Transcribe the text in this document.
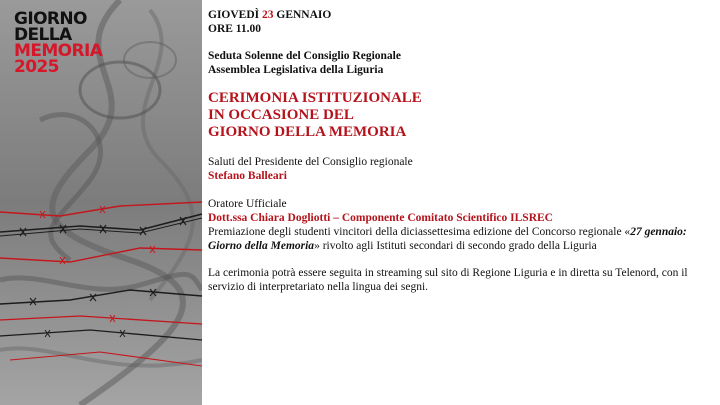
GIORNO
DELLA
MEMORIA
2025

GIOVEDÌ 23 GENNAIO

ORE 11.00

Seduta Solenne del Consiglio Regionale
Assemblea Legislativa della Liguria
CERIMONIA ISTITUZIONALE
IN OCCASIONE DEL
GIORNO DELLA MEMORIA
Saluti del Presidente del Consiglio regionale
Stefano Balleari
Oratore Ufficiale
Dott.ssa Chiara Dogliotti – Componente Comitato Scientifico ILSREC

Premiazione degli studenti vincitori della diciassettesima edizione del Concorso regionale «27 gennaio:
Giorno della Memoria» rivolto agli Istituti secondari di secondo grado della Liguria

La cerimonia potrà essere seguita in streaming sul sito di Regione Liguria e in diretta su Telenord, con il
servizio di interpretariato nella lingua dei segni.
